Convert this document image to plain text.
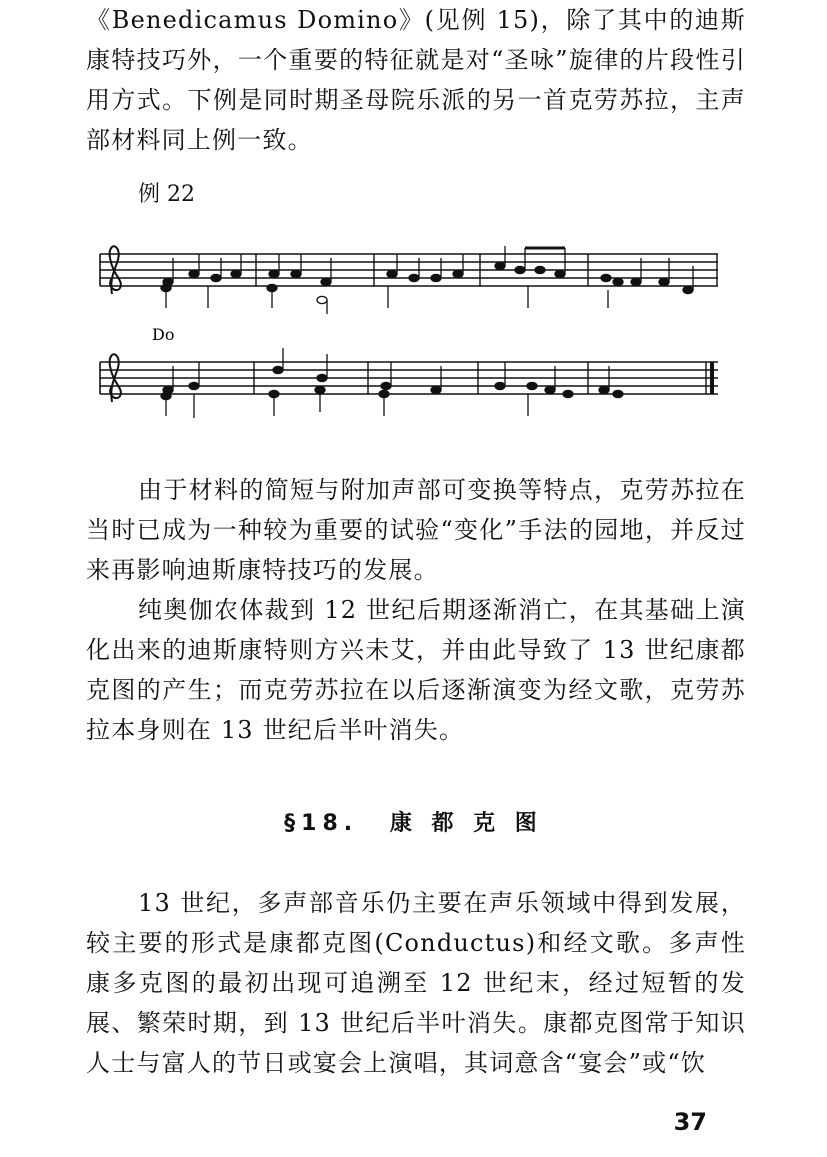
《Benedicamus Domino》(见例 15)，除了其中的迪斯康特技巧外，一个重要的特征就是对“圣咏”旋律的片段性引用方式。下例是同时期圣母院乐派的另一首克劳苏拉，主声部材料同上例一致。

例 22
Do

由于材料的简短与附加声部可变换等特点，克劳苏拉在当时已成为一种较为重要的试验“变化”手法的园地，并反过来再影响迪斯康特技巧的发展。

纯奥伽农体裁到 12 世纪后期逐渐消亡，在其基础上演化出来的迪斯康特则方兴未艾，并由此导致了 13 世纪康都克图的产生；而克劳苏拉在以后逐渐演变为经文歌，克劳苏拉本身则在 13 世纪后半叶消失。

§18. 康 都 克 图

13 世纪，多声部音乐仍主要在声乐领域中得到发展，较主要的形式是康都克图(Conductus)和经文歌。多声性康多克图的最初出现可追溯至 12 世纪末，经过短暂的发展、繁荣时期，到 13 世纪后半叶消失。康都克图常于知识人士与富人的节日或宴会上演唱，其词意含“宴会”或“饮

37
